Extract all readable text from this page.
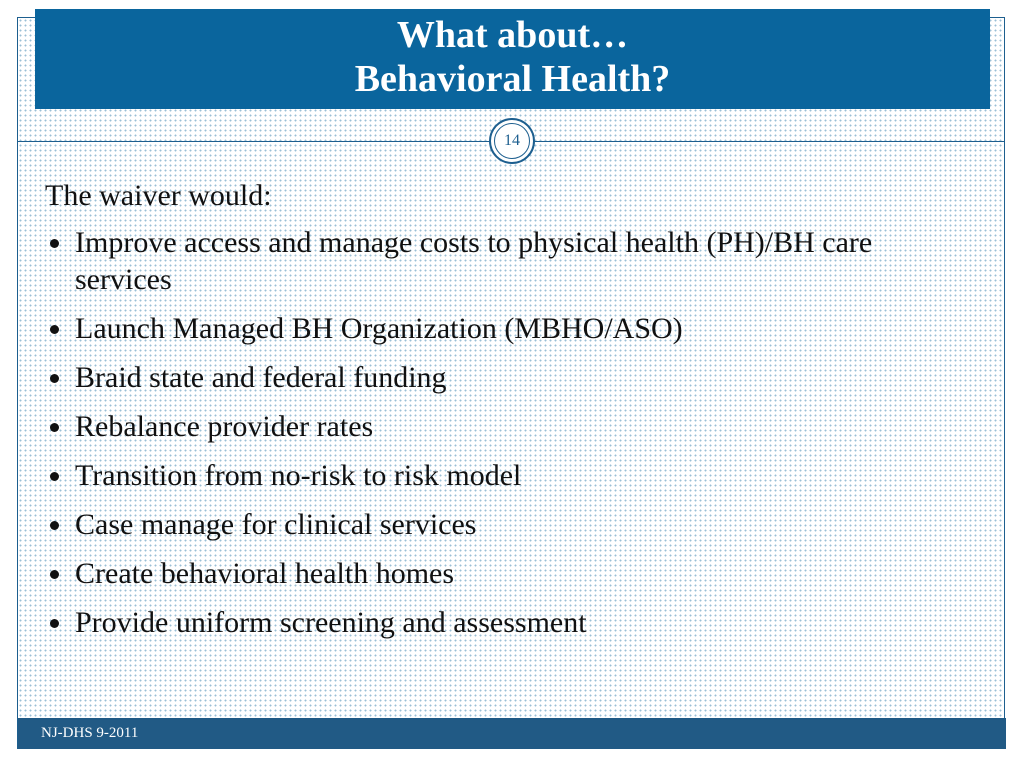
What about…
Behavioral Health?
14

The waiver would:

Improve access and manage costs to physical health (PH)/BH care services
Launch Managed BH Organization (MBHO/ASO)
Braid state and federal funding
Rebalance provider rates
Transition from no-risk to risk model
Case manage for clinical services
Create behavioral health homes
Provide uniform screening and assessment
NJ-DHS 9-2011
